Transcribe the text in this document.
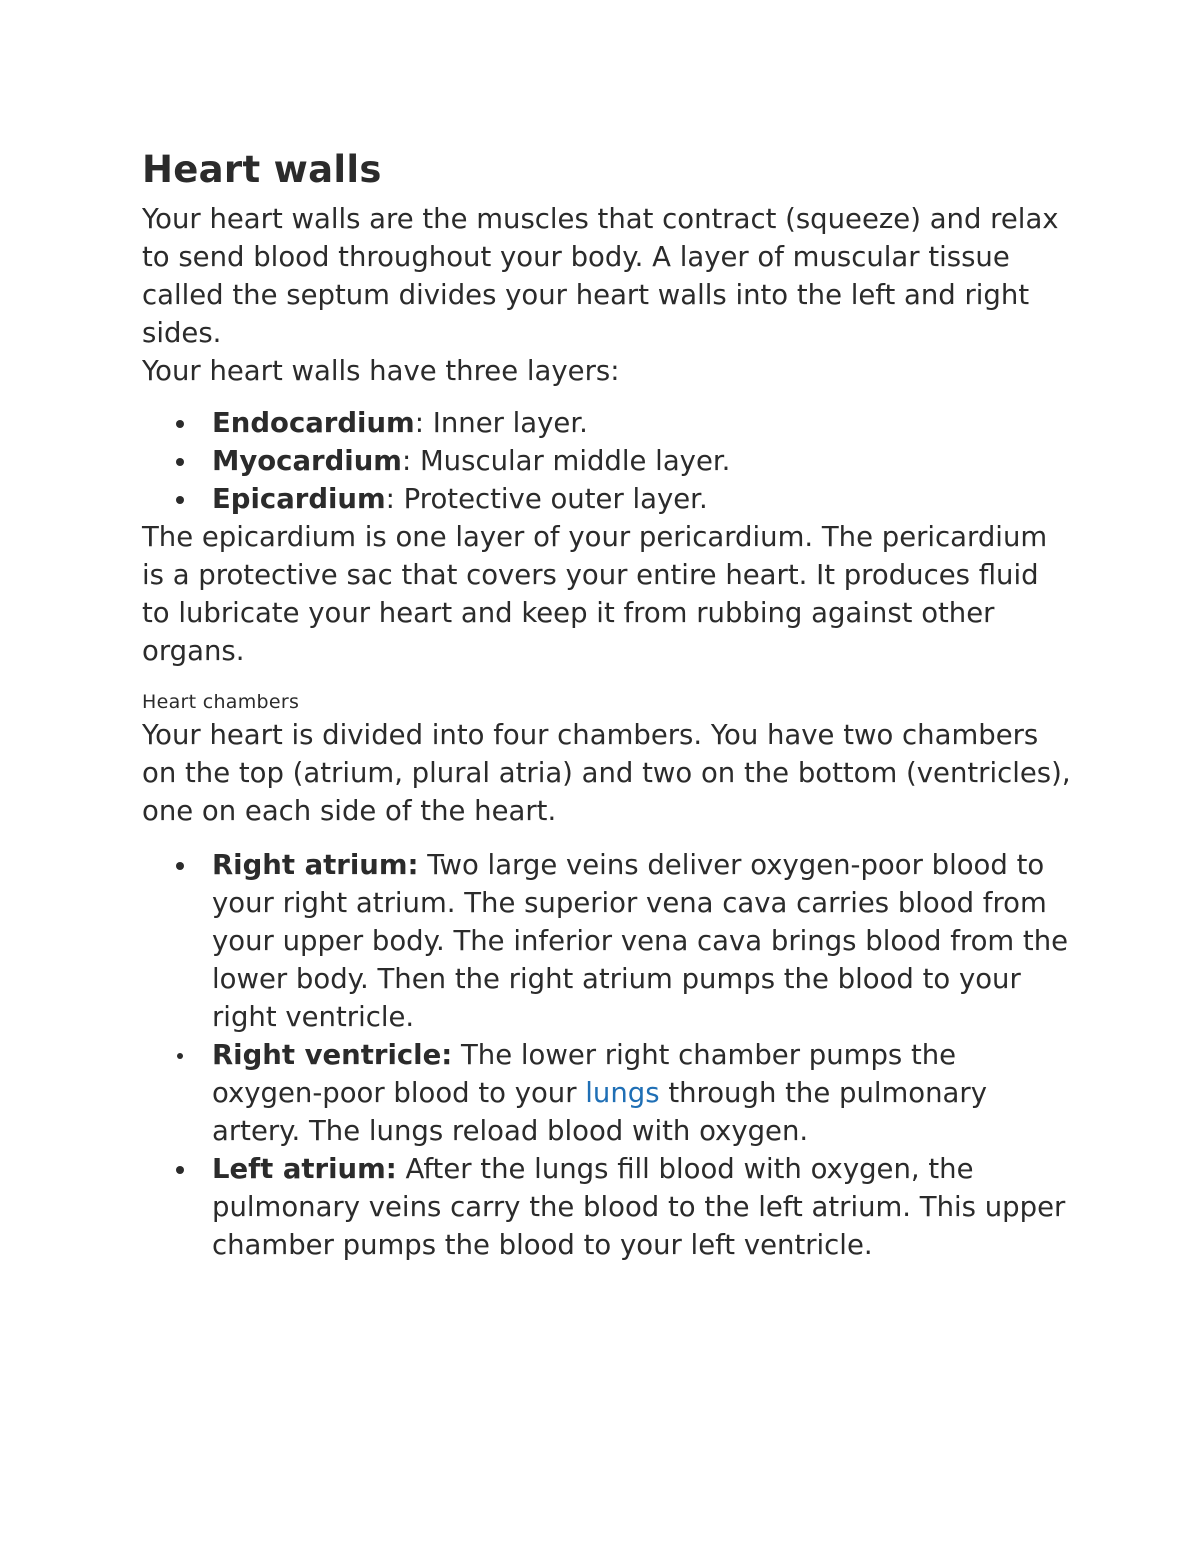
Heart walls

Your heart walls are the muscles that contract (squeeze) and relax to send blood throughout your body. A layer of muscular tissue called the septum divides your heart walls into the left and right sides.

Your heart walls have three layers:

Endocardium: Inner layer.
Myocardium: Muscular middle layer.
Epicardium: Protective outer layer.

The epicardium is one layer of your pericardium. The pericardium is a protective sac that covers your entire heart. It produces fluid to lubricate your heart and keep it from rubbing against other organs.

Heart chambers

Your heart is divided into four chambers. You have two chambers on the top (atrium, plural atria) and two on the bottom (ventricles), one on each side of the heart.

Right atrium: Two large veins deliver oxygen-poor blood to your right atrium. The superior vena cava carries blood from your upper body. The inferior vena cava brings blood from the lower body. Then the right atrium pumps the blood to your right ventricle.
Right ventricle: The lower right chamber pumps the oxygen-poor blood to your lungs through the pulmonary artery. The lungs reload blood with oxygen.
Left atrium: After the lungs fill blood with oxygen, the pulmonary veins carry the blood to the left atrium. This upper chamber pumps the blood to your left ventricle.
